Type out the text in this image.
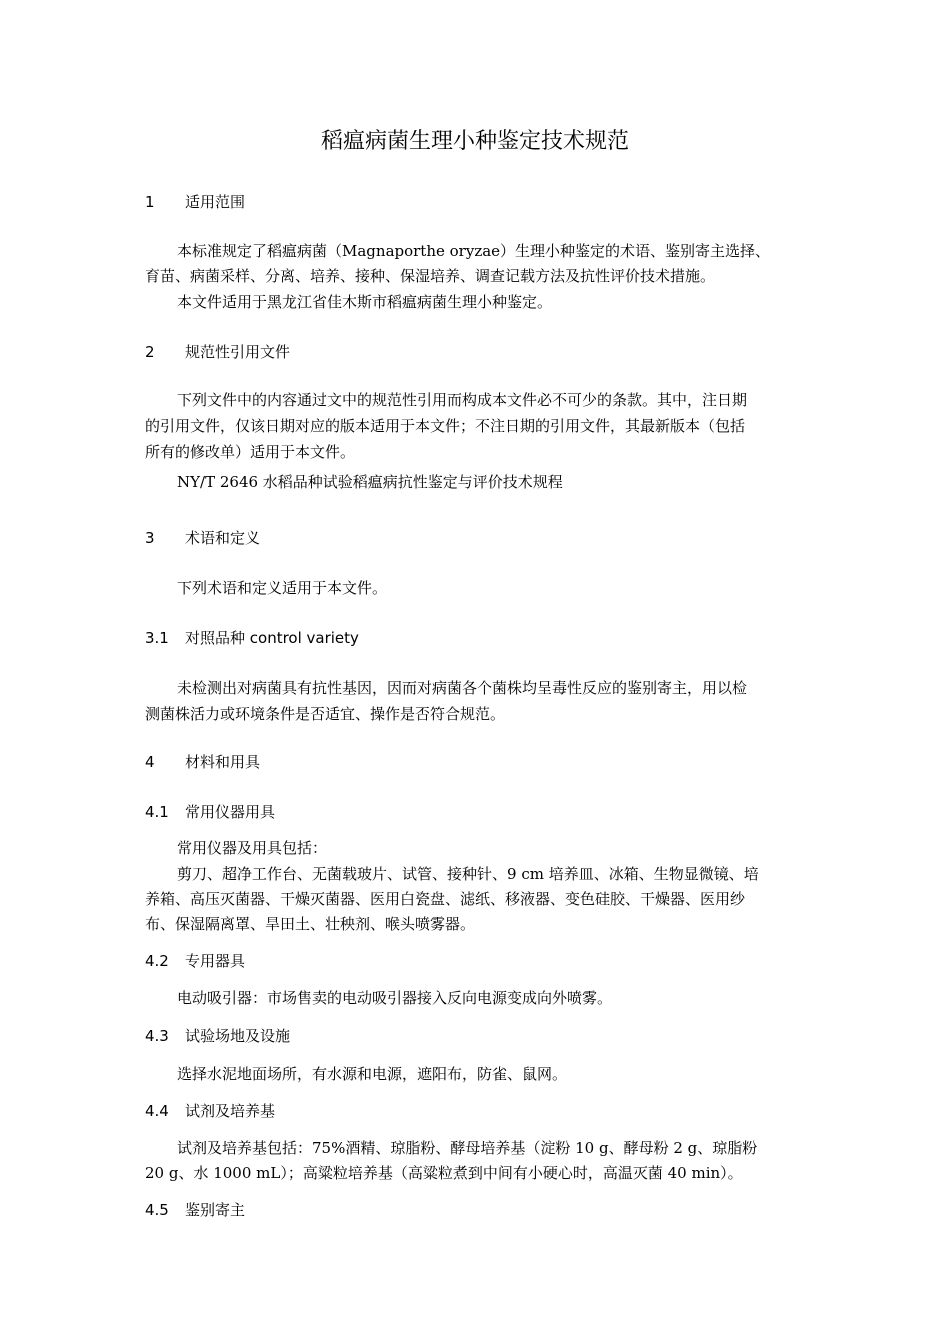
稻瘟病菌生理小种鉴定技术规范
1 适用范围
本标准规定了稻瘟病菌（Magnaporthe oryzae）生理小种鉴定的术语、鉴别寄主选择、
育苗、病菌采样、分离、培养、接种、保湿培养、调查记载方法及抗性评价技术措施。
本文件适用于黑龙江省佳木斯市稻瘟病菌生理小种鉴定。
2 规范性引用文件
下列文件中的内容通过文中的规范性引用而构成本文件必不可少的条款。其中，注日期
的引用文件，仅该日期对应的版本适用于本文件；不注日期的引用文件，其最新版本（包括
所有的修改单）适用于本文件。
NY/T 2646 水稻品种试验稻瘟病抗性鉴定与评价技术规程
3 术语和定义
下列术语和定义适用于本文件。
3.1 对照品种 control variety
未检测出对病菌具有抗性基因，因而对病菌各个菌株均呈毒性反应的鉴别寄主，用以检
测菌株活力或环境条件是否适宜、操作是否符合规范。
4 材料和用具
4.1 常用仪器用具
常用仪器及用具包括：
剪刀、超净工作台、无菌载玻片、试管、接种针、9 cm 培养皿、冰箱、生物显微镜、培
养箱、高压灭菌器、干燥灭菌器、医用白瓷盘、滤纸、移液器、变色硅胶、干燥器、医用纱
布、保湿隔离罩、旱田土、壮秧剂、喉头喷雾器。
4.2 专用器具
电动吸引器：市场售卖的电动吸引器接入反向电源变成向外喷雾。
4.3 试验场地及设施
选择水泥地面场所，有水源和电源，遮阳布，防雀、鼠网。
4.4 试剂及培养基
试剂及培养基包括：75%酒精、琼脂粉、酵母培养基（淀粉 10 g、酵母粉 2 g、琼脂粉
20 g、水 1000 mL）；高粱粒培养基（高粱粒煮到中间有小硬心时，高温灭菌 40 min）。
4.5 鉴别寄主
